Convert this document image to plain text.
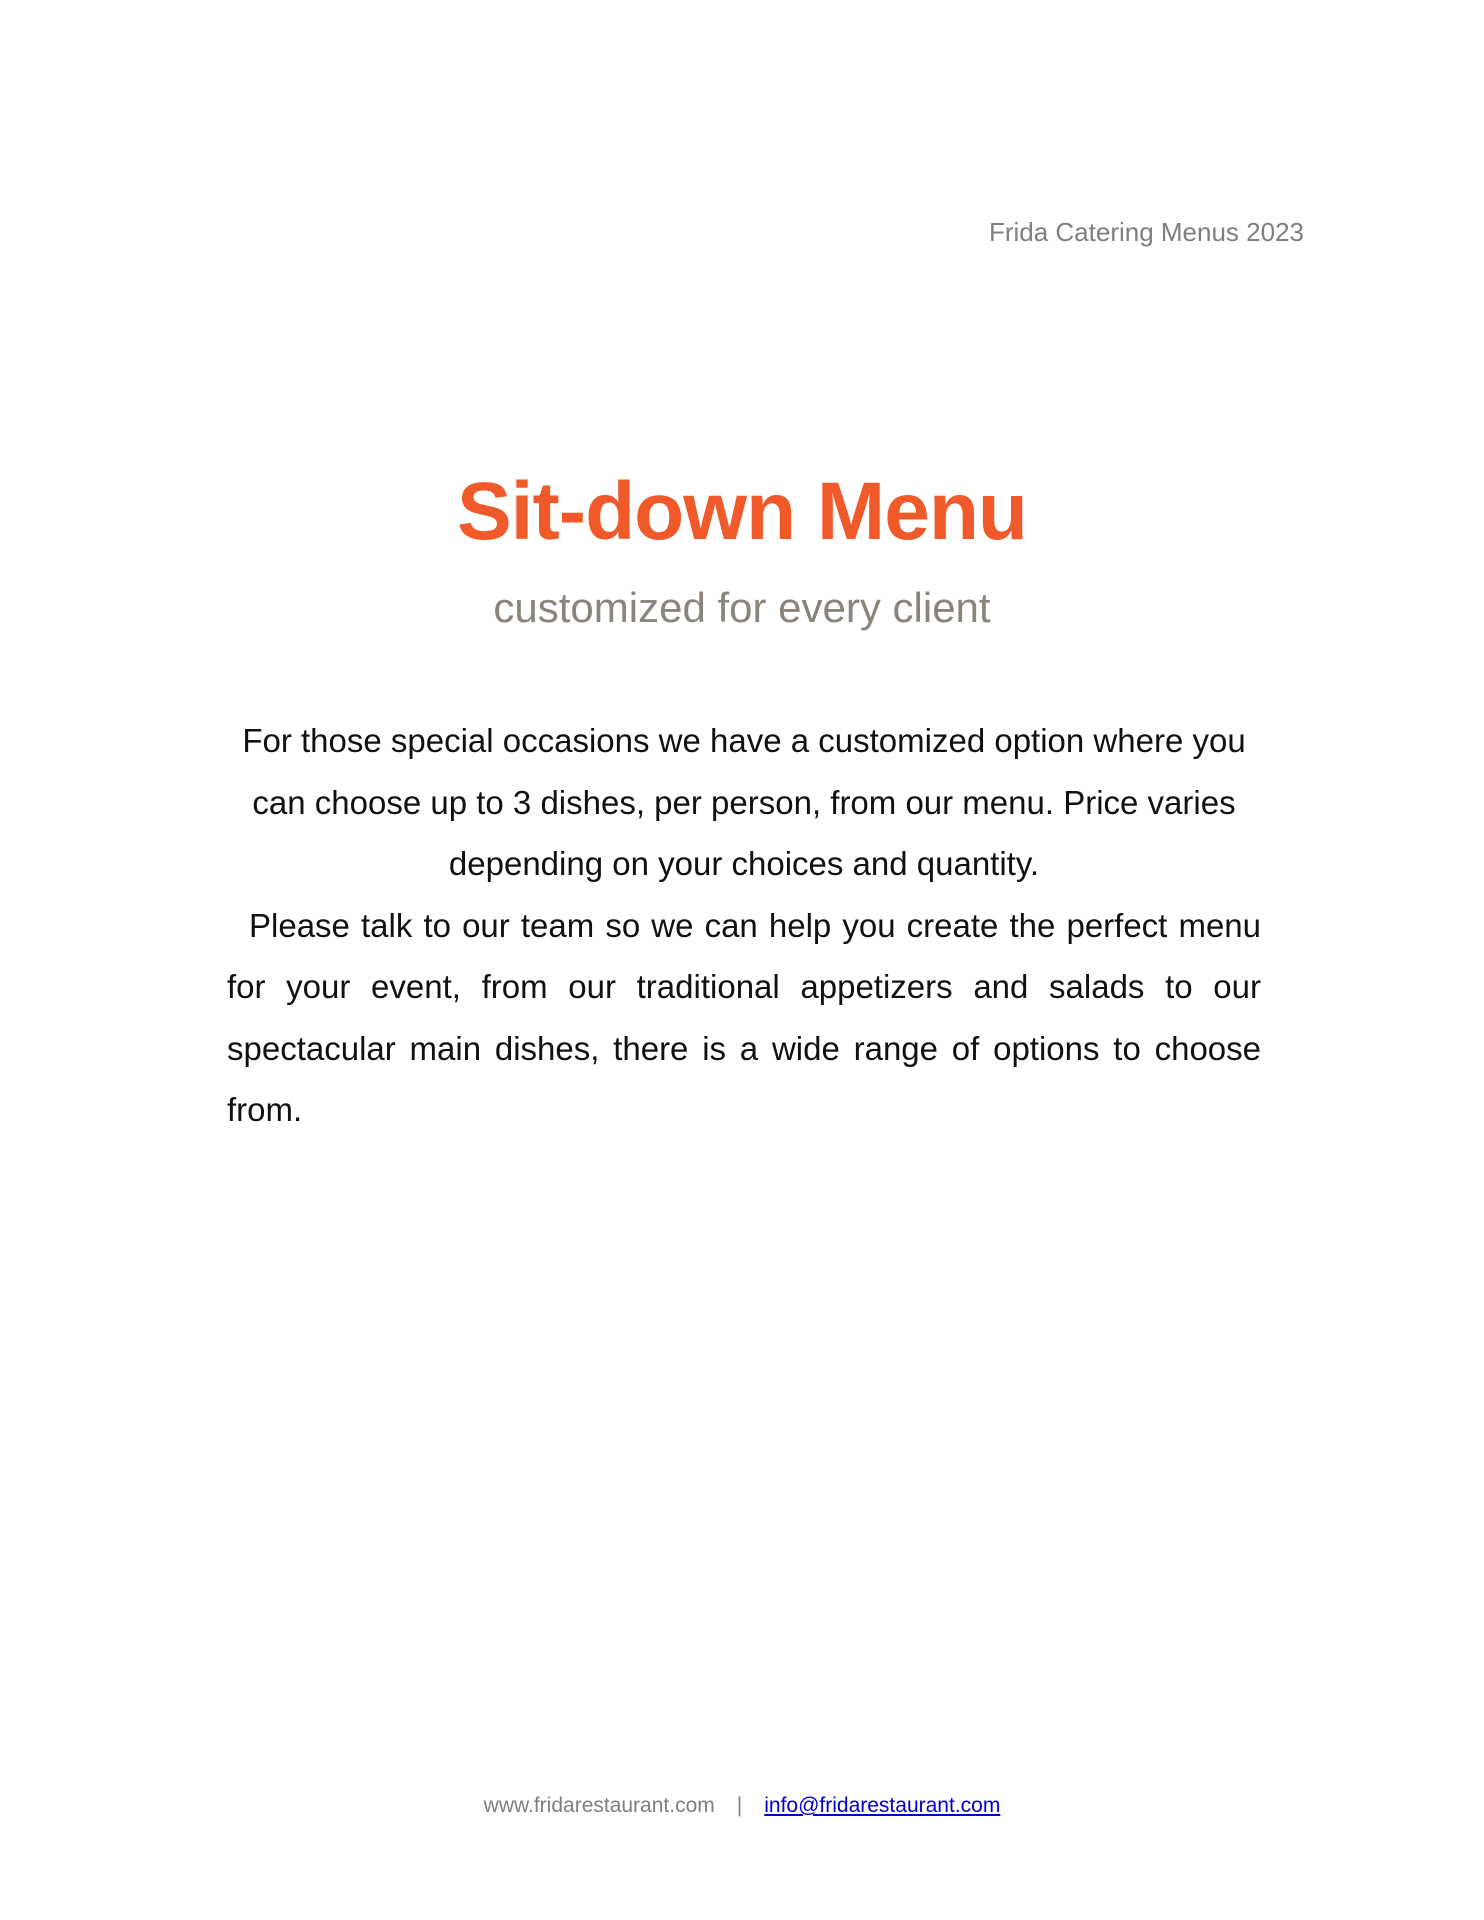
Frida Catering Menus 2023
Sit-down Menu
customized for every client

For those special occasions we have a customized option where you can choose up to 3 dishes, per person, from our menu. Price varies depending on your choices and quantity.

Please talk to our team so we can help you create the perfect menu for your event, from our traditional appetizers and salads to our spectacular main dishes, there is a wide range of options to choose from.

www.fridarestaurant.com | info@fridarestaurant.com
